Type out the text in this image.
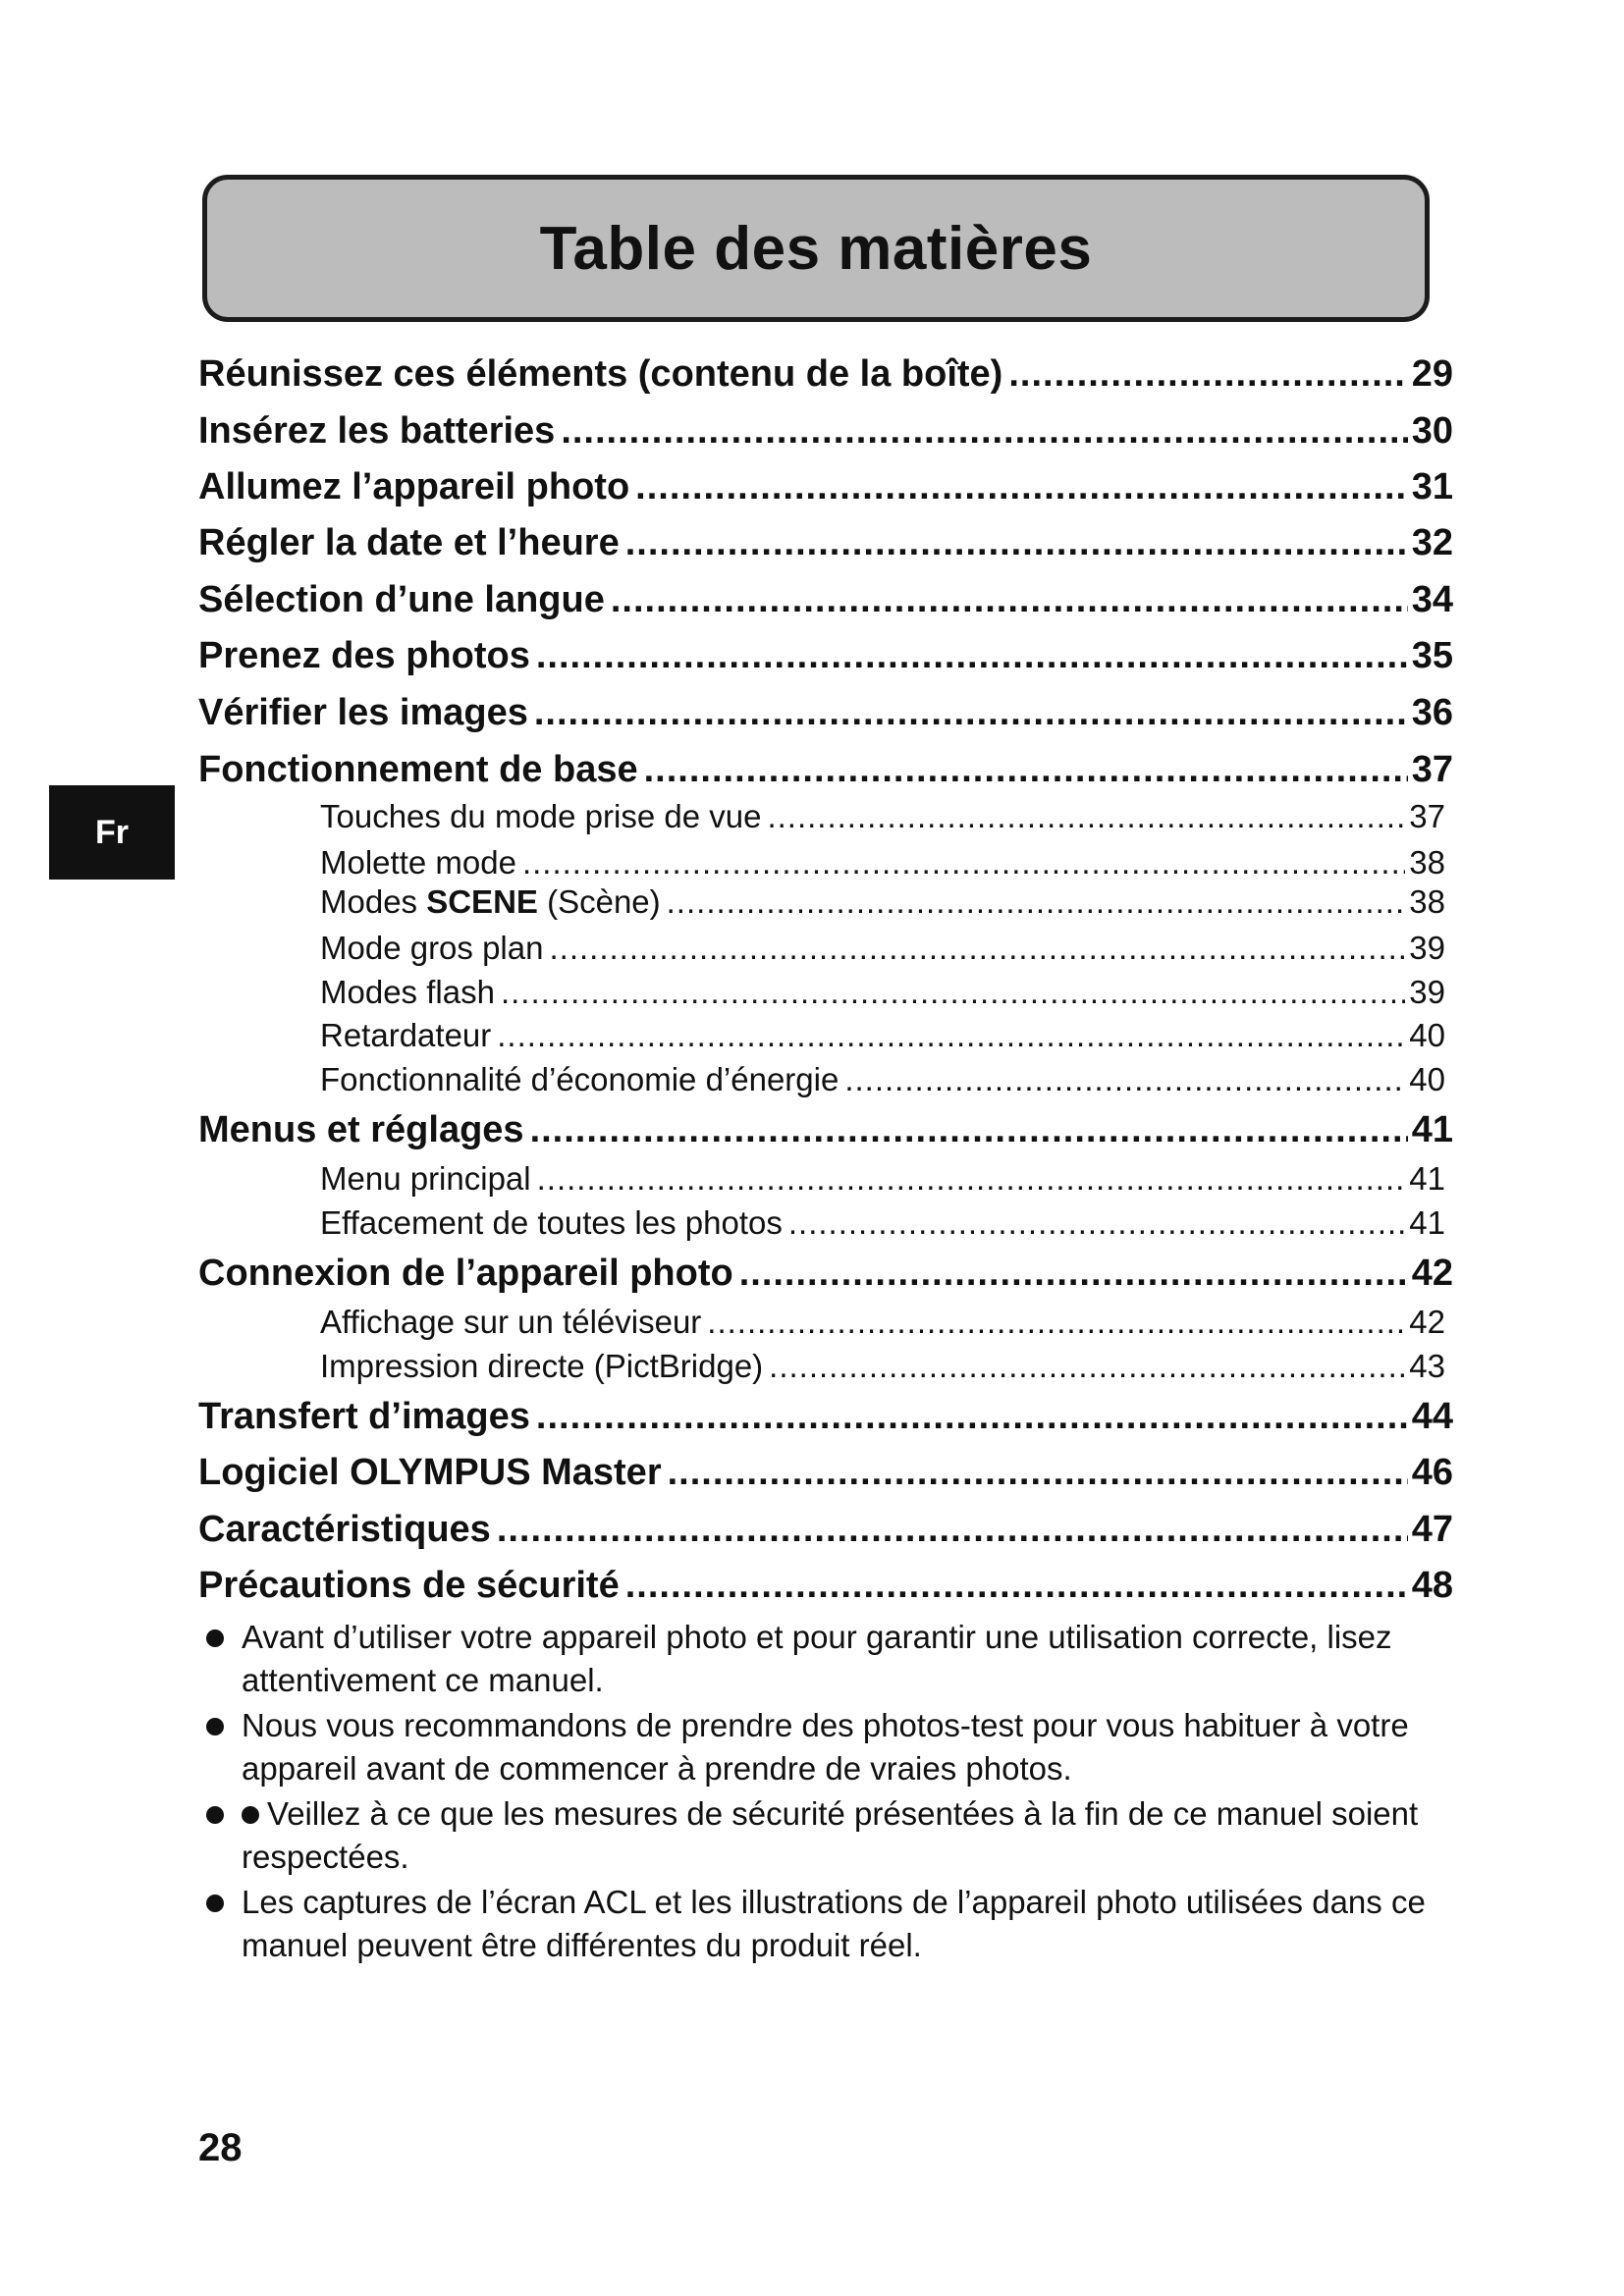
Table des matières
Fr
Réunissez ces éléments (contenu de la boîte) .....	29
Insérez les batteries .....	30
Allumez l’appareil photo .....	31
Régler la date et l’heure .....	32
Sélection d’une langue .....	34
Prenez des photos .....	35
Vérifier les images .....	36
Fonctionnement de base .....	37
Touches du mode prise de vue .....	37
Molette mode .....	38
Modes SCENE (Scène) .....	38
Mode gros plan .....	39
Modes flash .....	39
Retardateur .....	40
Fonctionnalité d’économie d’énergie .....	40
Menus et réglages .....	41
Menu principal .....	41
Effacement de toutes les photos .....	41
Connexion de l’appareil photo .....	42
Affichage sur un téléviseur .....	42
Impression directe (PictBridge) .....	43
Transfert d’images .....	44
Logiciel OLYMPUS Master .....	46
Caractéristiques .....	47
Précautions de sécurité .....	48
Avant d’utiliser votre appareil photo et pour garantir une utilisation correcte, lisez attentivement ce manuel.
Nous vous recommandons de prendre des photos-test pour vous habituer à votre appareil avant de commencer à prendre de vraies photos.
Veillez à ce que les mesures de sécurité présentées à la fin de ce manuel soient respectées.
Les captures de l’écran ACL et les illustrations de l’appareil photo utilisées dans ce manuel peuvent être différentes du produit réel.
28
